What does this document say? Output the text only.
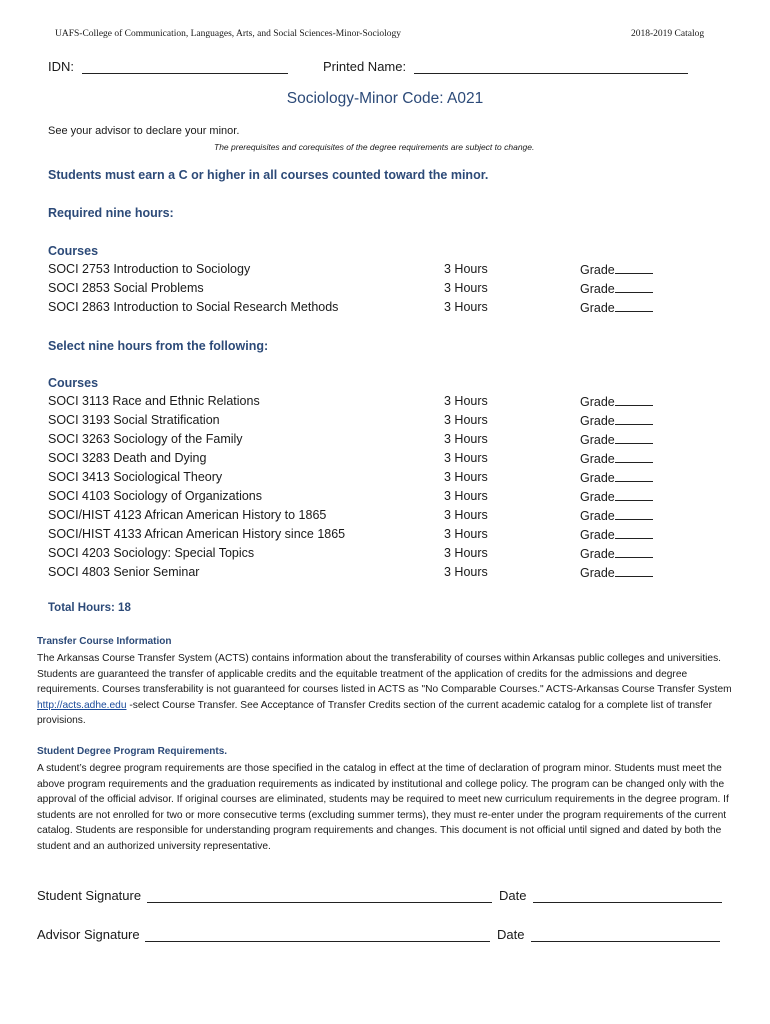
UAFS-College of Communication, Languages, Arts, and Social Sciences-Minor-Sociology	2018-2019 Catalog
IDN:	Printed Name:
Sociology-Minor Code: A021
See your advisor to declare your minor.
The prerequisites and corequisites of the degree requirements are subject to change.
Students must earn a C or higher in all courses counted toward the minor.
Required nine hours:
Courses
SOCI 2753 Introduction to Sociology	3 Hours	Grade
SOCI 2853 Social Problems	3 Hours	Grade
SOCI 2863 Introduction to Social Research Methods	3 Hours	Grade
Select nine hours from the following:
Courses
SOCI 3113 Race and Ethnic Relations	3 Hours	Grade
SOCI 3193 Social Stratification	3 Hours	Grade
SOCI 3263 Sociology of the Family	3 Hours	Grade
SOCI 3283 Death and Dying	3 Hours	Grade
SOCI 3413 Sociological Theory	3 Hours	Grade
SOCI 4103 Sociology of Organizations	3 Hours	Grade
SOCI/HIST 4123 African American History to 1865	3 Hours	Grade
SOCI/HIST 4133 African American History since 1865	3 Hours	Grade
SOCI 4203 Sociology: Special Topics	3 Hours	Grade
SOCI 4803 Senior Seminar	3 Hours	Grade
Total Hours: 18
Transfer Course Information
The Arkansas Course Transfer System (ACTS) contains information about the transferability of courses within Arkansas public colleges and universities. Students are guaranteed the transfer of applicable credits and the equitable treatment of the application of credits for the admissions and degree requirements. Courses transferability is not guaranteed for courses listed in ACTS as "No Comparable Courses." ACTS-Arkansas Course Transfer System http://acts.adhe.edu -select Course Transfer. See Acceptance of Transfer Credits section of the current academic catalog for a complete list of transfer provisions.
Student Degree Program Requirements.
A student’s degree program requirements are those specified in the catalog in effect at the time of declaration of program minor. Students must meet the above program requirements and the graduation requirements as indicated by institutional and college policy. The program can be changed only with the approval of the official advisor. If original courses are eliminated, students may be required to meet new curriculum requirements in the degree program. If students are not enrolled for two or more consecutive terms (excluding summer terms), they must re-enter under the program requirements of the current catalog. Students are responsible for understanding program requirements and changes. This document is not official until signed and dated by both the student and an authorized university representative.
Student Signature	Date
Advisor Signature	Date
